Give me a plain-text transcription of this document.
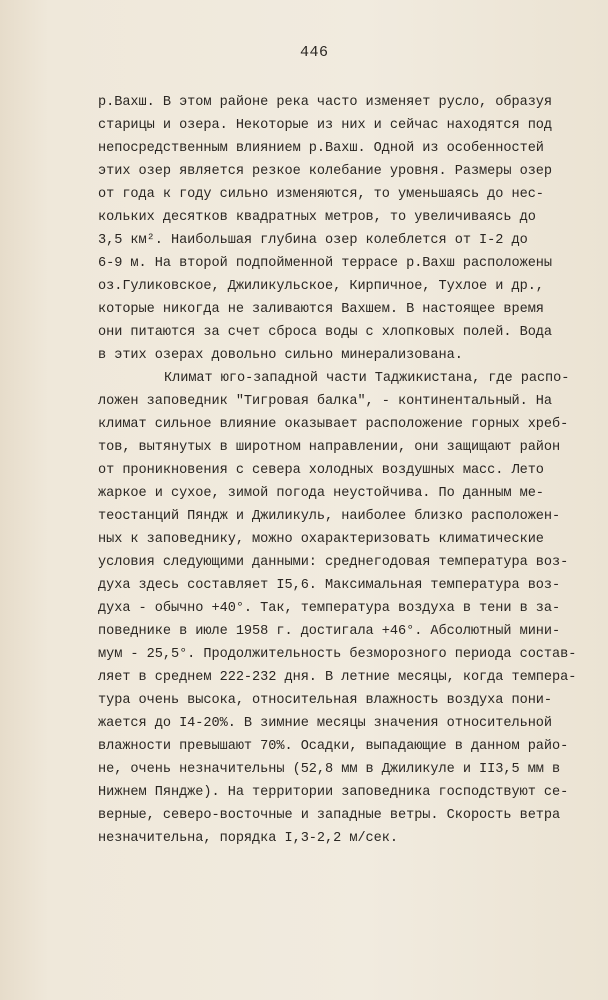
446
р.Вахш. В этом районе река часто изменяет русло, образуя
старицы и озера. Некоторые из них и сейчас находятся под
непосредственным влиянием р.Вахш. Одной из особенностей
этих озер является резкое колебание уровня. Размеры озер
от года к году сильно изменяются, то уменьшаясь до неc-
кольких десятков квадратных метров, то увеличиваясь до
3,5 км². Наибольшая глубина озер колеблется от I-2 до
6-9 м. На второй подпойменной террасе р.Вахш расположены
оз.Гуликовское, Джиликульское, Кирпичное, Тухлое и др.,
которые никогда не заливаются Вахшем. В настоящее время
они питаются за счет сброса воды с хлопковых полей. Вода
в этих озерах довольно сильно минерализована.
Климат юго-западной части Таджикистана, где распо-
ложен заповедник "Тигровая балка", - континентальный. На
климат сильное влияние оказывает расположение горных хреб-
тов, вытянутых в широтном направлении, они защищают район
от проникновения с севера холодных воздушных масс. Лето
жаркое и сухое, зимой погода неустойчива. По данным ме-
теостанций Пяндж и Джиликуль, наиболее близко расположен-
ных к заповеднику, можно охарактеризовать климатические
условия следующими данными: среднегодовая температура воз-
духа здесь составляет I5,6. Максимальная температура воз-
духа - обычно +40°. Так, температура воздуха в тени в за-
поведнике в июле 1958 г. достигала +46°. Абсолютный мини-
мум - 25,5°. Продолжительность безморозного периода состав-
ляет в среднем 222-232 дня. В летние месяцы, когда темпера-
тура очень высока, относительная влажность воздуха пони-
жается до I4-20%. В зимние месяцы значения относительной
влажности превышают 70%. Осадки, выпадающие в данном райо-
не, очень незначительны (52,8 мм в Джиликуле и II3,5 мм в
Нижнем Пяндже). На территории заповедника господствуют се-
верные, северо-восточные и западные ветры. Скорость ветра
незначительна, порядка I,3-2,2 м/сек.
